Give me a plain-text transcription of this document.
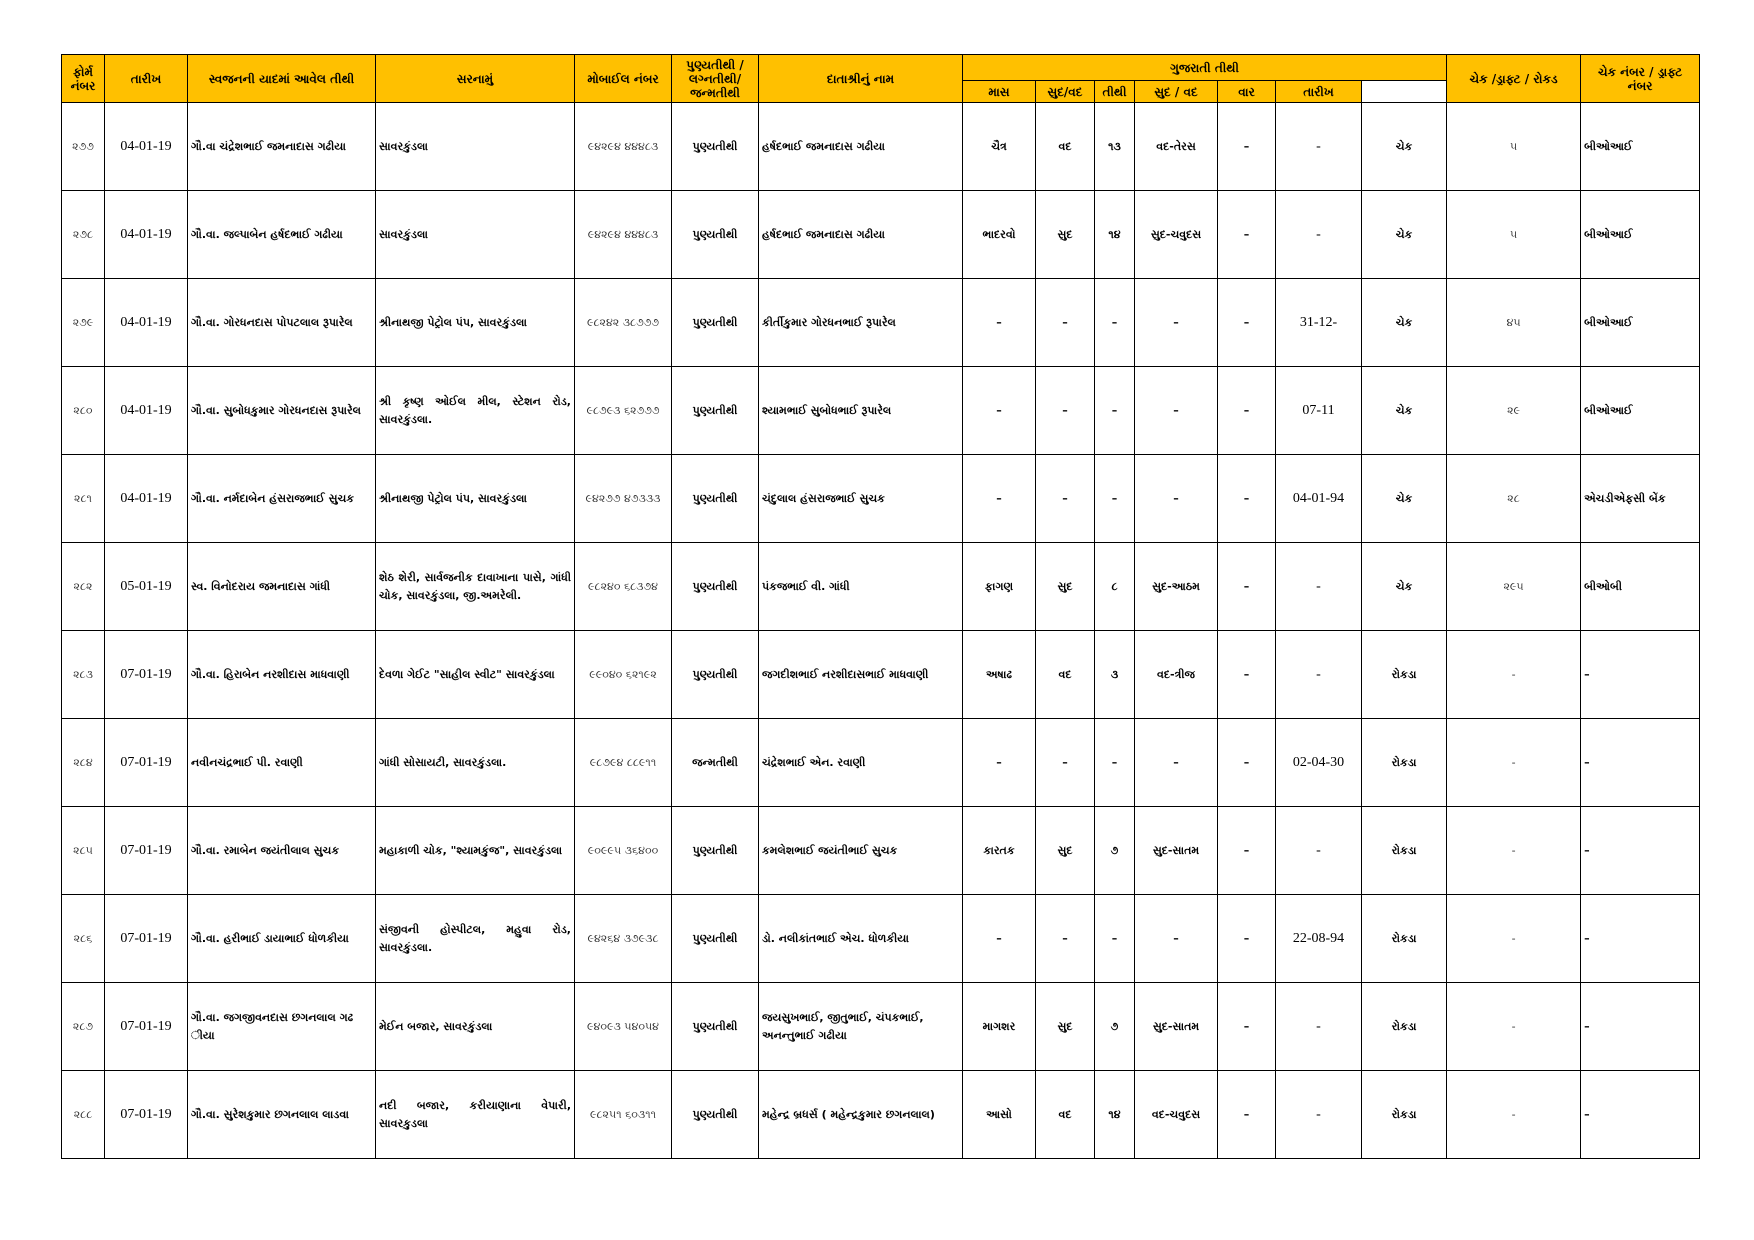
ફોર્મ નંબર	તારીખ	સ્વજનની યાદમાં આવેલ તીથી	સરનામું	મોબાઈલ નંબર	પુણ્યતીથી / લગ્નતીથી/ જન્મતીથી	દાતાશ્રીનું નામ	ગુજરાતી તીથી							ચેક /ડ્રાફ્ટ / રોકડ	ચેક નંબર / ડ્રાફ્ટ નંબર	
							માસ	સુદ/વદ	તીથી	સુદ / વદ	વાર	તારીખ				
૨૭૭	04-01-19	ગૌ.વા ચંદ્રેશભાઈ જમનાદાસ ગઢીયા	સાવરકુંડલા	૯૪૨૯૪ ૪૪૪૮૩	પુણ્યતીથી	હર્ષદભાઈ જમનાદાસ ગઢીયા	ચૈત્ર	વદ	૧૩	વદ-તેરસ	–	-	ચેક	૫	બીઓઆઈ	
૨૭૮	04-01-19	ગૌ.વા. જલ્પાબેન હર્ષદભાઈ ગઢીયા	સાવરકુંડલા	૯૪૨૯૪ ૪૪૪૮૩	પુણ્યતીથી	હર્ષદભાઈ જમનાદાસ ગઢીયા	ભાદરવો	સુદ	૧૪	સુદ-ચવુદસ	–	-	ચેક	૫	બીઓઆઈ	
૨૭૯	04-01-19	ગૌ.વા. ગોરધનદાસ પોપટલાલ રૂપારેલ	શ્રીનાથજી પેટ્રોલ પંપ, સાવરકુંડલા	૯૮૨૪૨ ૩૮૭૭૭	પુણ્યતીથી	કીર્તીકુમાર ગોરધનભાઈ રૂપારેલ	–	–	–	–	–	31-12-	ચેક	૪૫	બીઓઆઈ	
૨૮૦	04-01-19	ગૌ.વા. સુબોધકુમાર ગોરધનદાસ રૂપારેલ	શ્રી કૃષ્ણ ઓઈલ મીલ, સ્ટેશન રોડ, સાવરકુંડલા.	૯૮૭૯૩ ૬૨૭૭૭	પુણ્યતીથી	શ્યામભાઈ સુબોધભાઈ રૂપારેલ	–	–	–	–	–	07-11	ચેક	૨૯	બીઓઆઈ	
૨૮૧	04-01-19	ગૌ.વા. નર્મદાબેન હંસરાજભાઈ સુચક	શ્રીનાથજી પેટ્રોલ પંપ, સાવરકુંડલા	૯૪૨૭૭ ૪૭૩૩૩	પુણ્યતીથી	ચંદુલાલ હંસરાજભાઈ સુચક	–	–	–	–	–	04-01-94	ચેક	૨૮	એચડીએફસી બેંક	
૨૮૨	05-01-19	સ્વ. વિનોદરાય જમનાદાસ ગાંધી	શેઠ શેરી, સાર્વજનીક દાવાખાના પાસે, ગાંધી ચોક, સાવરકુંડલા, જી.અમરેલી.	૯૮૨૪૦ ૬૮૩૭૪	પુણ્યતીથી	પંકજભાઈ વી. ગાંધી	ફાગણ	સુદ	૮	સુદ-આઠમ	–	-	ચેક	૨૯૫	બીઓબી	
૨૮૩	07-01-19	ગૌ.વા. હિરાબેન નરશીદાસ માધવાણી	દેવળા ગેઈટ "સાહીલ સ્વીટ" સાવરકુંડલા	૯૯૦૪૦ ૬૨૧૯૨	પુણ્યતીથી	જગદીશભાઈ નરશીદાસભાઈ માધવાણી	અષાઢ	વદ	૩	વદ-ત્રીજ	–	-	રોકડા	-	–	
૨૮૪	07-01-19	નવીનચંદ્રભાઈ પી. રવાણી	ગાંધી સોસાયટી, સાવરકુંડલા.	૯૮૭૯૪ ૮૮૯૧૧	જન્મતીથી	ચંદ્રેશભાઈ એન. રવાણી	–	–	–	–	–	02-04-30	રોકડા	-	–	
૨૮૫	07-01-19	ગૌ.વા. રમાબેન જયંતીલાલ સુચક	મહાકાળી ચોક, "શ્યામકુંજ", સાવરકુંડલા	૯૦૯૯૫ ૩૬૪૦૦	પુણ્યતીથી	કમલેશભાઈ જયંતીભાઈ સુચક	કારતક	સુદ	૭	સુદ-સાતમ	–	-	રોકડા	-	–	
૨૮૬	07-01-19	ગૌ.વા. હરીભાઈ ડાયાભાઈ ધોળકીયા	સંજીવની હોસ્પીટલ, મહુવા રોડ, સાવરકુંડલા.	૯૪૨૬૪ ૩૭૯૩૮	પુણ્યતીથી	ડો. નલીકાંતભાઈ એચ. ધોળકીયા	–	–	–	–	–	22-08-94	રોકડા	-	–	
૨૮૭	07-01-19	ગૌ.વા. જગજીવનદાસ છગનલાલ ગઢ ીયા	મેઈન બજાર, સાવરકુંડલા	૯૪૦૯૩ ૫૪૦૫૪	પુણ્યતીથી	જયસુખભાઈ, જીતુભાઈ, ચંપકભાઈ, અનન્તુભાઈ ગઢીયા	માગશર	સુદ	૭	સુદ-સાતમ	–	-	રોકડા	-	–	
૨૮૮	07-01-19	ગૌ.વા. સુરેશકુમાર છગનલાલ લાડવા	નદી બજાર, કરીયાણાના વેપારી, સાવરકુડલા	૯૮૨૫૧ ૬૦૩૧૧	પુણ્યતીથી	મહેન્દ્ર બ્રધર્સ ( મહેન્દ્રકુમાર છગનલાલ)	આસો	વદ	૧૪	વદ-ચવુદસ	–	-	રોકડા	-	–	
